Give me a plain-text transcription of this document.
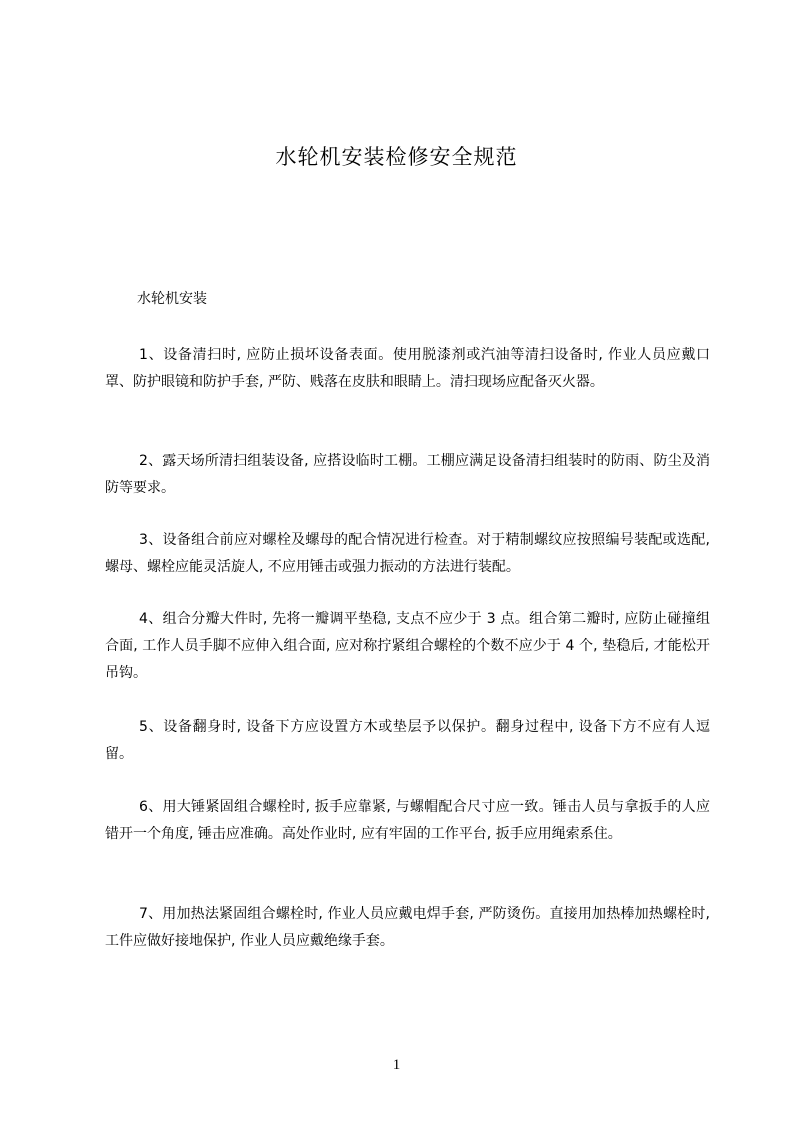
水轮机安装检修安全规范
水轮机安装

1、设备清扫时, 应防止损坏设备表面。使用脱漆剂或汽油等清扫设备时, 作业人员应戴口罩、防护眼镜和防护手套, 严防、贱落在皮肤和眼睛上。清扫现场应配备灭火器。

2、露天场所清扫组装设备, 应搭设临时工棚。工棚应满足设备清扫组装时的防雨、防尘及消防等要求。

3、设备组合前应对螺栓及螺母的配合情况进行检查。对于精制螺纹应按照编号装配或选配, 螺母、螺栓应能灵活旋人, 不应用锤击或强力振动的方法进行装配。

4、组合分瓣大件时, 先将一瓣调平垫稳, 支点不应少于 3 点。组合第二瓣时, 应防止碰撞组合面, 工作人员手脚不应伸入组合面, 应对称拧紧组合螺栓的个数不应少于 4 个, 垫稳后, 才能松开吊钩。

5、设备翻身时, 设备下方应设置方木或垫层予以保护。翻身过程中, 设备下方不应有人逗留。

6、用大锤紧固组合螺栓时, 扳手应靠紧, 与螺帽配合尺寸应一致。锤击人员与拿扳手的人应错开一个角度, 锤击应准确。高处作业时, 应有牢固的工作平台, 扳手应用绳索系住。

7、用加热法紧固组合螺栓时, 作业人员应戴电焊手套, 严防烫伤。直接用加热棒加热螺栓时, 工件应做好接地保护, 作业人员应戴绝缘手套。

1
